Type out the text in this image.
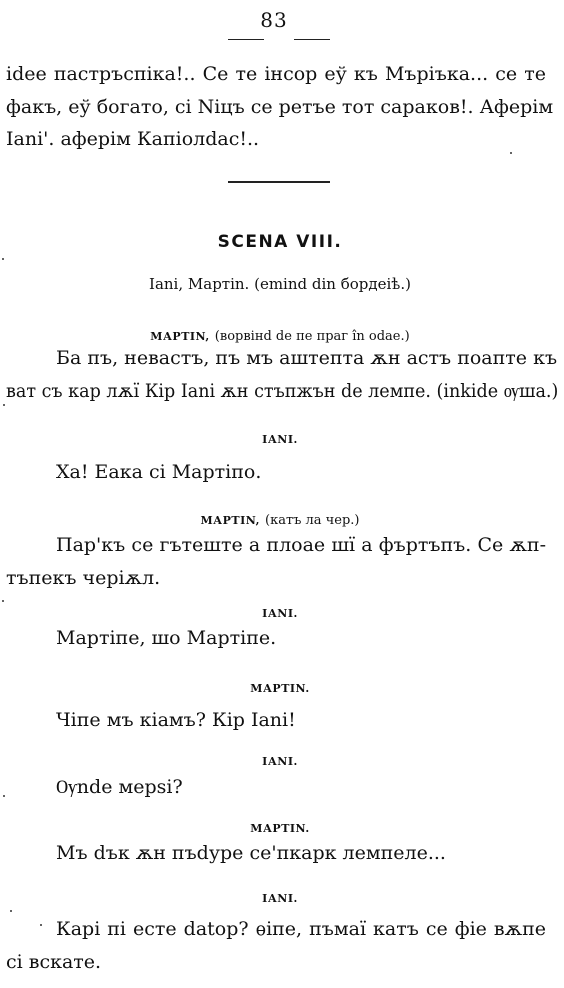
83
idee пастръспіка!.. Се те інсор еў къ Мъріъка... се те
факъ, еў богато, сі Nіцъ се ретъе тот сараков!. Аферім
Іani'. аферім Капіолdас!..
SCENA VIII.
Іani, Мартіn. (еmind din бордеіѣ.)
МАРТІN, (ворвінd de пе праг în odae.)
Ба пъ, невастъ, пъ мъ аштепта ѫн астъ поапте къ
ват съ кар лѫї Кір Іani ѫн стъпжън de лемпе. (inkide ѹша.)
ІАNІ.
Ха! Еака сі Мартіпо.
МАРТІN, (катъ ла чер.)
Пар'къ се гътеште а плоае шї а фъртъпъ. Се ѫп-
тъпекъ черіѫл.
ІАNІ.
Мартіпе, шо Мартіпе.
МАРТІN.
Чіпе мъ кіамъ? Кір Іani!
ІАNІ.
Ѹnde мерѕі?
МАРТІN.
Мъ dък ѫн пъdуре се'пкарк лемпеле...
ІАNІ.
Карі пі есте datop? ѳіпе, пъмаї катъ се фіе вѫпе
сі вскате.
